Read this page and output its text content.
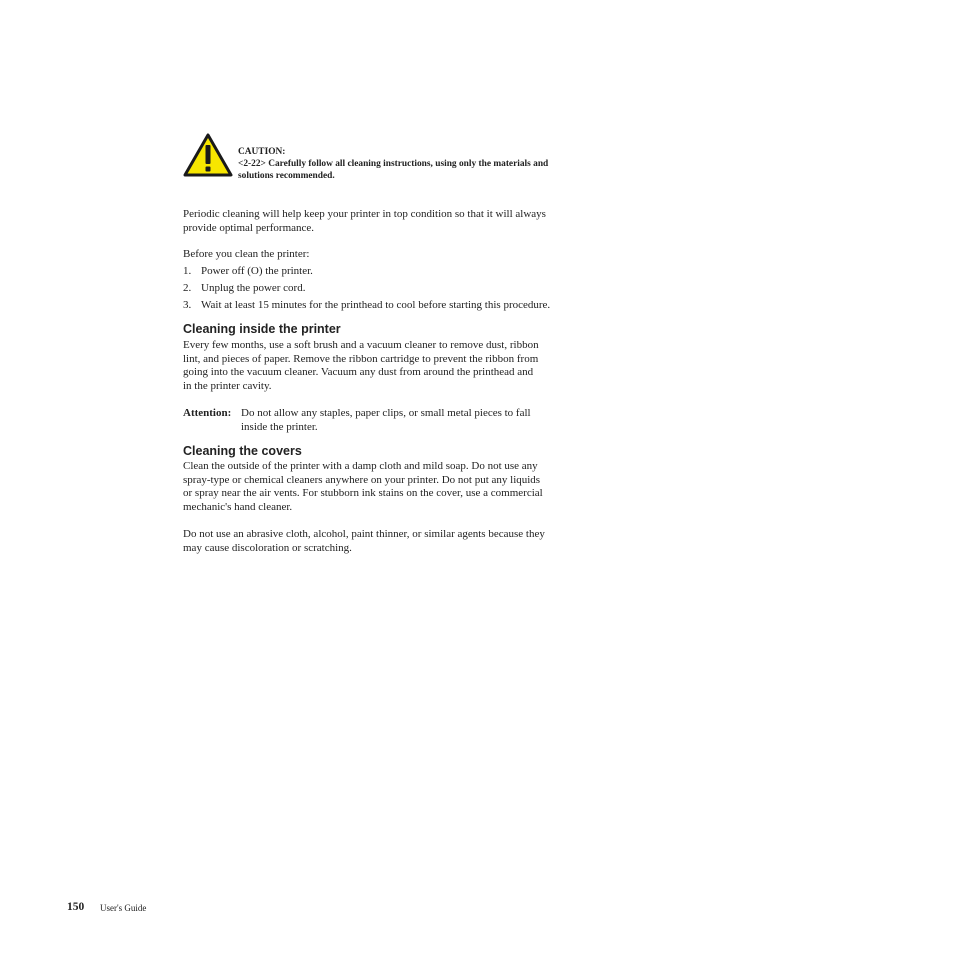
CAUTION:
<2-22> Carefully follow all cleaning instructions, using only the materials and
solutions recommended.
Periodic cleaning will help keep your printer in top condition so that it will always
provide optimal performance.
Before you clean the printer:
1. Power off (O) the printer.
2. Unplug the power cord.
3. Wait at least 15 minutes for the printhead to cool before starting this procedure.
Cleaning inside the printer
Every few months, use a soft brush and a vacuum cleaner to remove dust, ribbon
lint, and pieces of paper. Remove the ribbon cartridge to prevent the ribbon from
going into the vacuum cleaner. Vacuum any dust from around the printhead and
in the printer cavity.
Attention: Do not allow any staples, paper clips, or small metal pieces to fall
inside the printer.
Cleaning the covers
Clean the outside of the printer with a damp cloth and mild soap. Do not use any
spray-type or chemical cleaners anywhere on your printer. Do not put any liquids
or spray near the air vents. For stubborn ink stains on the cover, use a commercial
mechanic's hand cleaner.
Do not use an abrasive cloth, alcohol, paint thinner, or similar agents because they
may cause discoloration or scratching.
150 User's Guide
